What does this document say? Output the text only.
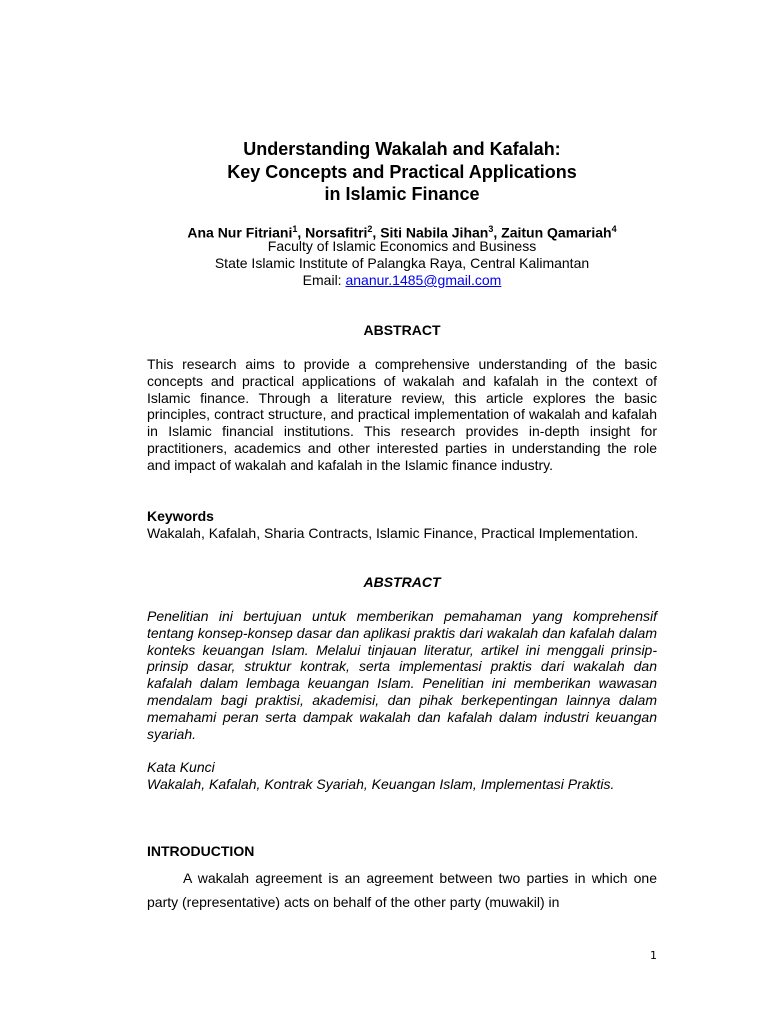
Understanding Wakalah and Kafalah:
Key Concepts and Practical Applications
in Islamic Finance
Ana Nur Fitriani$^1$, Norsafitri$^2$, Siti Nabila Jihan$^3$, Zaitun Qamariah$^4$
Faculty of Islamic Economics and Business
State Islamic Institute of Palangka Raya, Central Kalimantan
Email: ananur.1485@gmail.com
ABSTRACT
This research aims to provide a comprehensive understanding of the basic concepts and practical applications of wakalah and kafalah in the context of Islamic finance. Through a literature review, this article explores the basic principles, contract structure, and practical implementation of wakalah and kafalah in Islamic financial institutions. This research provides in-depth insight for practitioners, academics and other interested parties in understanding the role and impact of wakalah and kafalah in the Islamic finance industry.
Keywords
Wakalah, Kafalah, Sharia Contracts, Islamic Finance, Practical Implementation.
ABSTRACT
Penelitian ini bertujuan untuk memberikan pemahaman yang komprehensif tentang konsep-konsep dasar dan aplikasi praktis dari wakalah dan kafalah dalam konteks keuangan Islam. Melalui tinjauan literatur, artikel ini menggali prinsip-prinsip dasar, struktur kontrak, serta implementasi praktis dari wakalah dan kafalah dalam lembaga keuangan Islam. Penelitian ini memberikan wawasan mendalam bagi praktisi, akademisi, dan pihak berkepentingan lainnya dalam memahami peran serta dampak wakalah dan kafalah dalam industri keuangan syariah.
Kata Kunci
Wakalah, Kafalah, Kontrak Syariah, Keuangan Islam, Implementasi Praktis.
INTRODUCTION
A wakalah agreement is an agreement between two parties in which one party (representative) acts on behalf of the other party (muwakil) in
1
